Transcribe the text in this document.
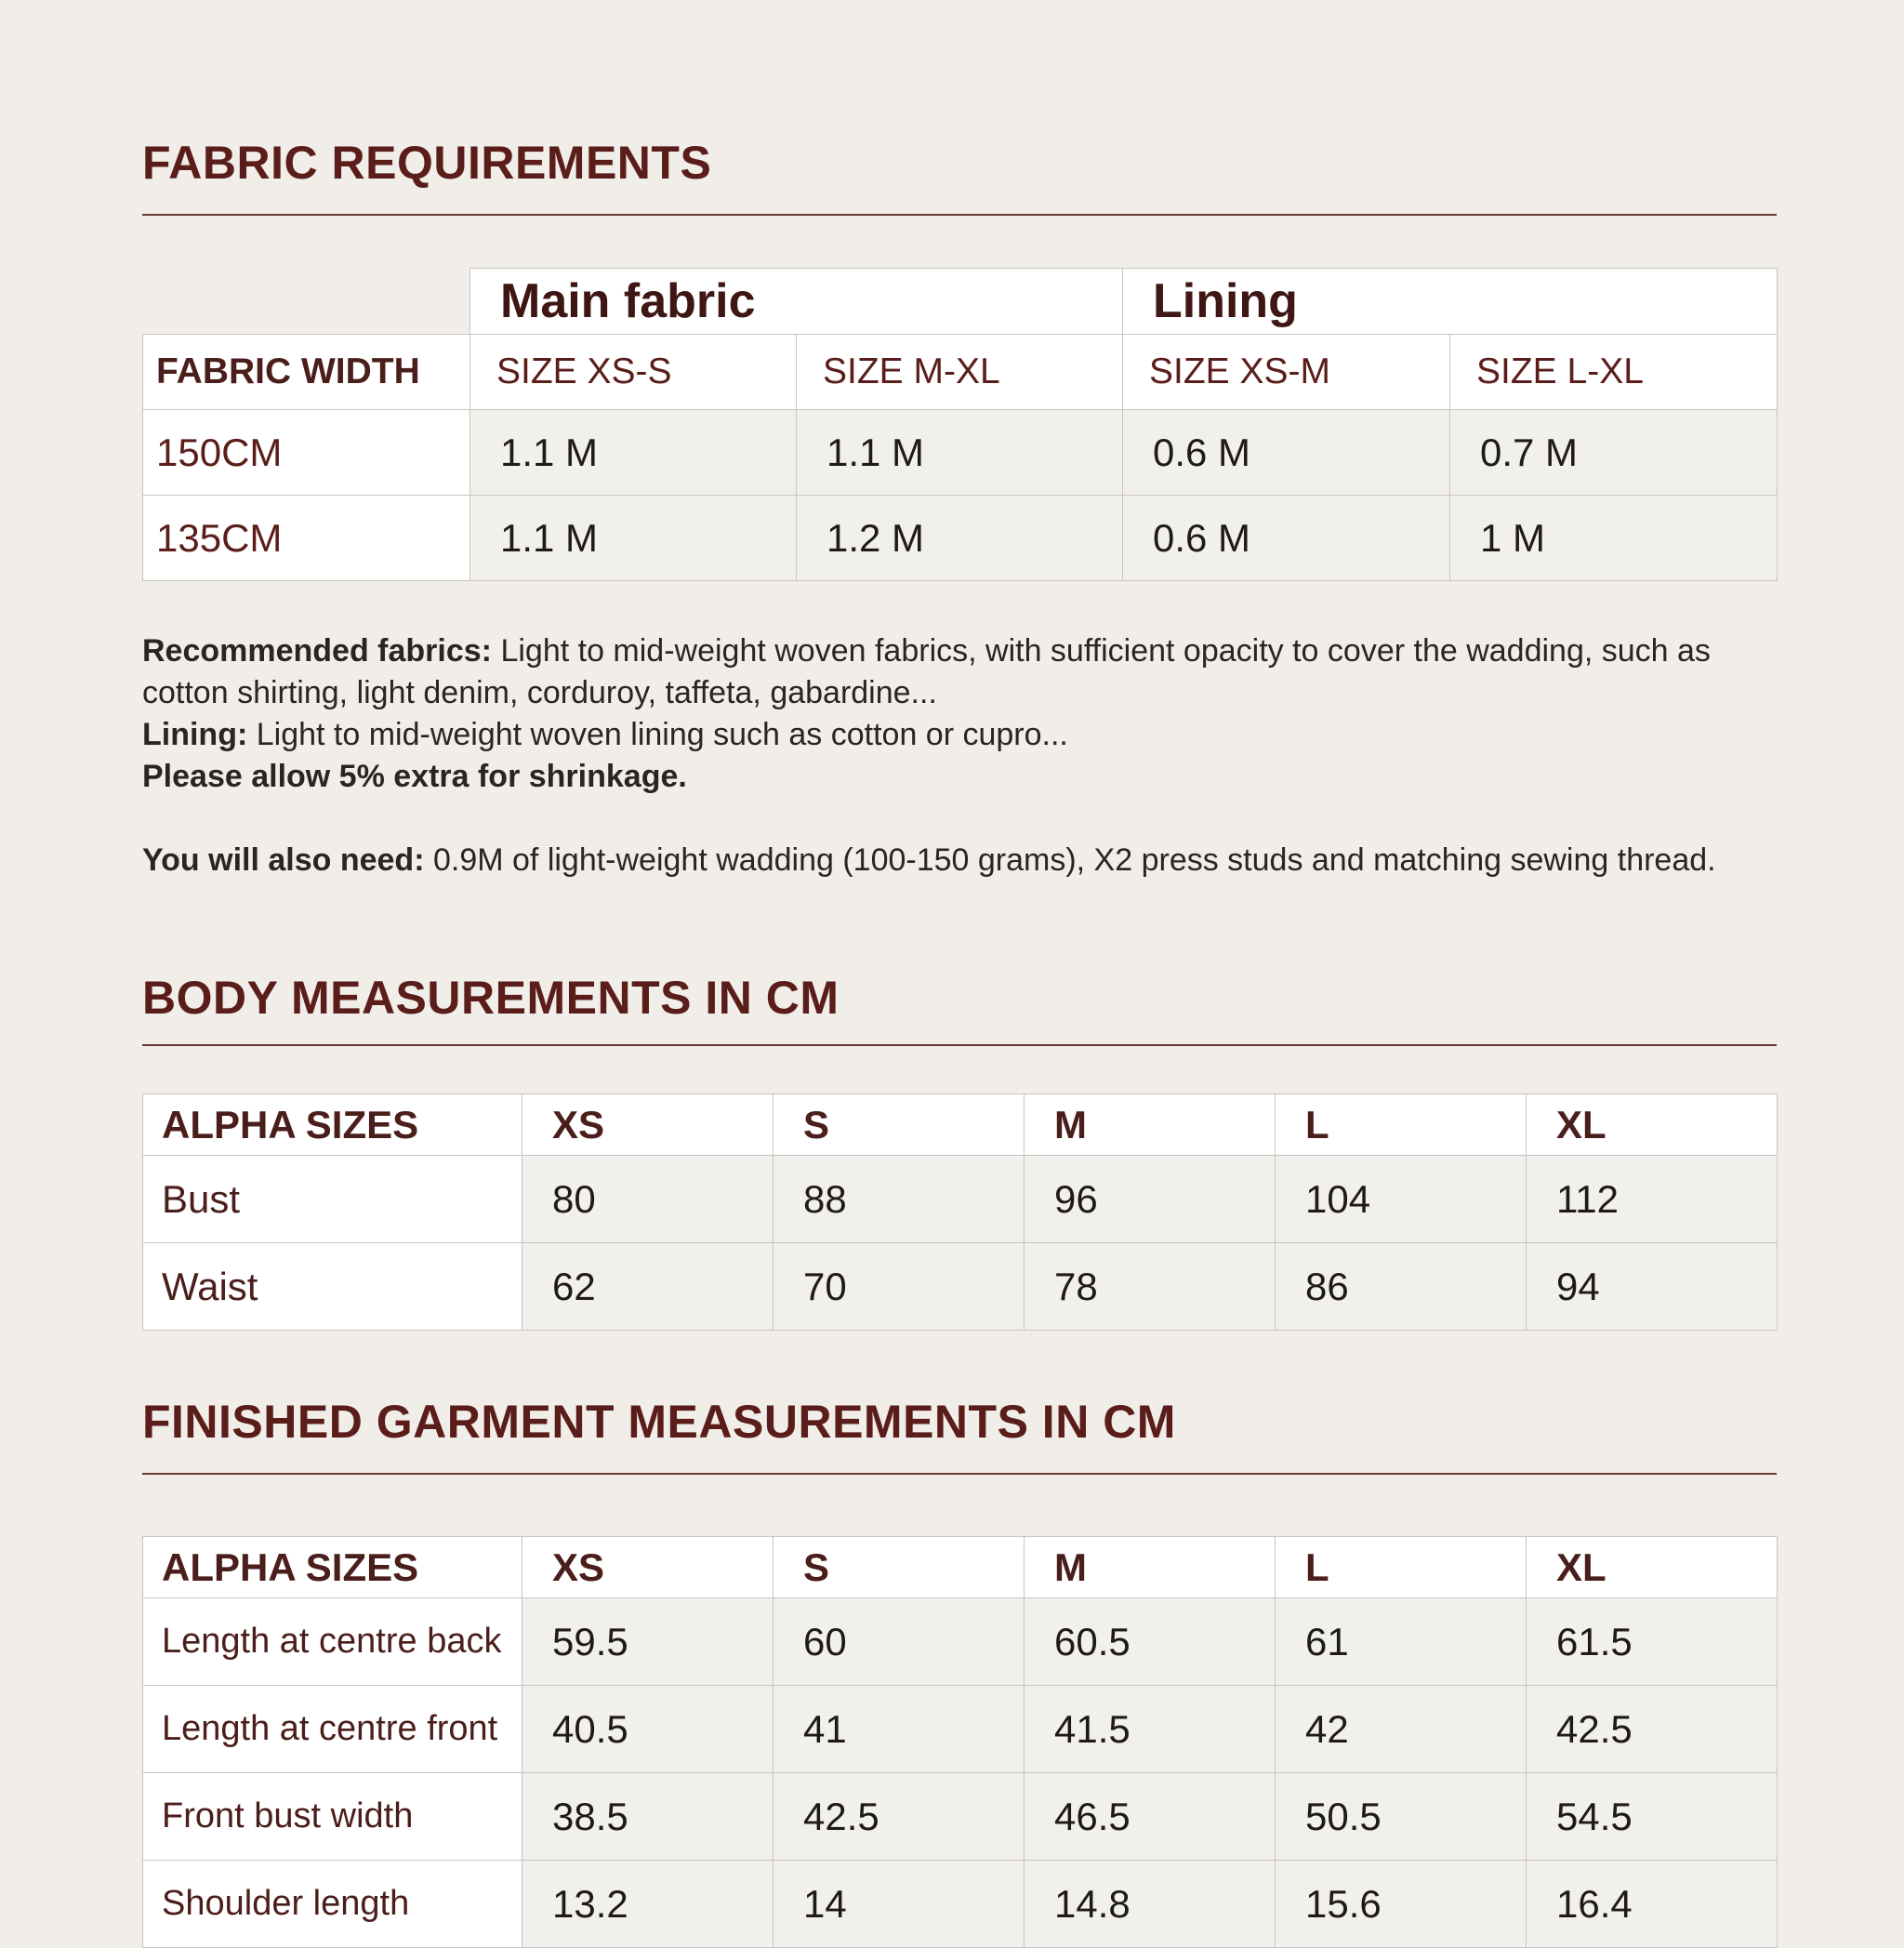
FABRIC REQUIREMENTS
	Main fabric		Lining	
FABRIC WIDTH	SIZE XS-S	SIZE M-XL	SIZE XS-M	SIZE L-XL
150CM	1.1 M	1.1 M	0.6 M	0.7 M
135CM	1.1 M	1.2 M	0.6 M	1 M

Recommended fabrics: Light to mid-weight woven fabrics, with sufficient opacity to cover the wadding, such as cotton shirting, light denim, corduroy, taffeta, gabardine...

Lining: Light to mid-weight woven lining such as cotton or cupro...

Please allow 5% extra for shrinkage.

You will also need: 0.9M of light-weight wadding (100-150 grams), X2 press studs and matching sewing thread.

BODY MEASUREMENTS IN CM
ALPHA SIZES	XS	S	M	L	XL
Bust	80	88	96	104	112
Waist	62	70	78	86	94
FINISHED GARMENT MEASUREMENTS IN CM
ALPHA SIZES	XS	S	M	L	XL
Length at centre back	59.5	60	60.5	61	61.5
Length at centre front	40.5	41	41.5	42	42.5
Front bust width	38.5	42.5	46.5	50.5	54.5
Shoulder length	13.2	14	14.8	15.6	16.4
